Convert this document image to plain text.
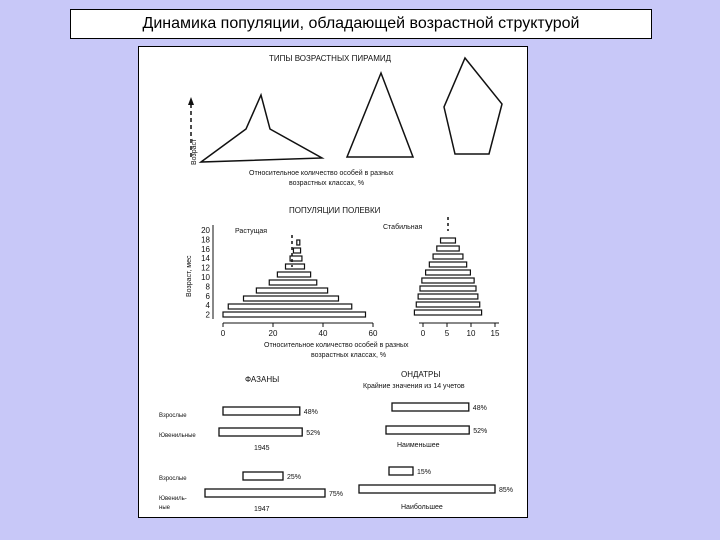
Динамика популяции, обладающей возрастной структурой
ТИПЫ ВОЗРАСТНЫХ ПИРАМИД
Возраст
Относительное количество особей в разных
возрастных классах, %
ПОПУЛЯЦИИ ПОЛЕВКИ
Возраст, мес
Растущая
Стабильная
20
18
16
14
12
10
8
6
4
2
0	20	40	60	0 5 10 15
Относительное количество особей в разных
возрастных классах, %
ФАЗАНЫ
ОНДАТРЫ
Крайние значения из 14 учетов
Взрослые
Ювенильные
1945
Взрослые
Ювениль-
ные	1947
Наименьшее
Наибольшее
48%
52%
25%
75%
48%
52%
15%
85%
